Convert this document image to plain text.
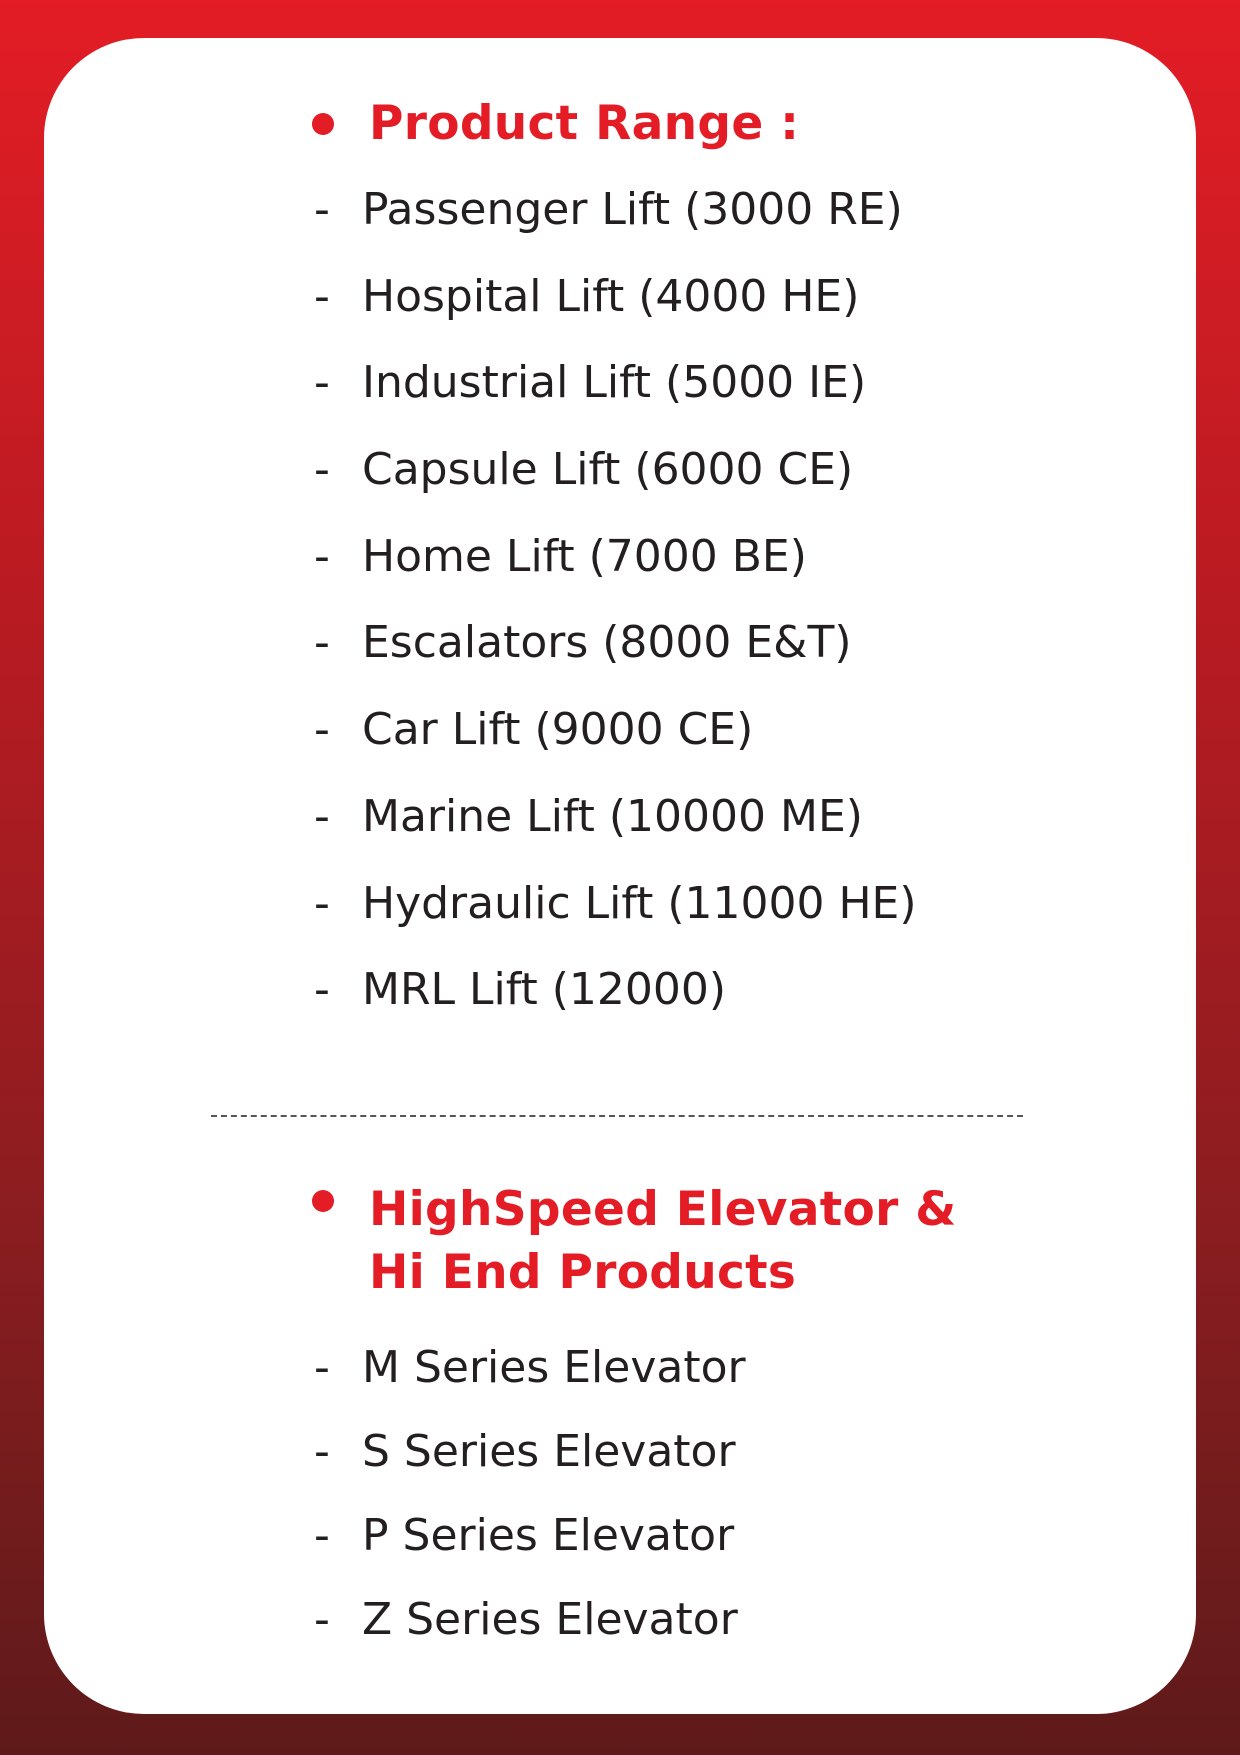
Product Range :
- Passenger Lift (3000 RE)
- Hospital Lift (4000 HE)
- Industrial Lift (5000 IE)
- Capsule Lift (6000 CE)
- Home Lift (7000 BE)
- Escalators (8000 E&T)
- Car Lift (9000 CE)
- Marine Lift (10000 ME)
- Hydraulic Lift (11000 HE)
- MRL Lift (12000)
HighSpeed Elevator &
Hi End Products
- M Series Elevator
- S Series Elevator
- P Series Elevator
- Z Series Elevator
